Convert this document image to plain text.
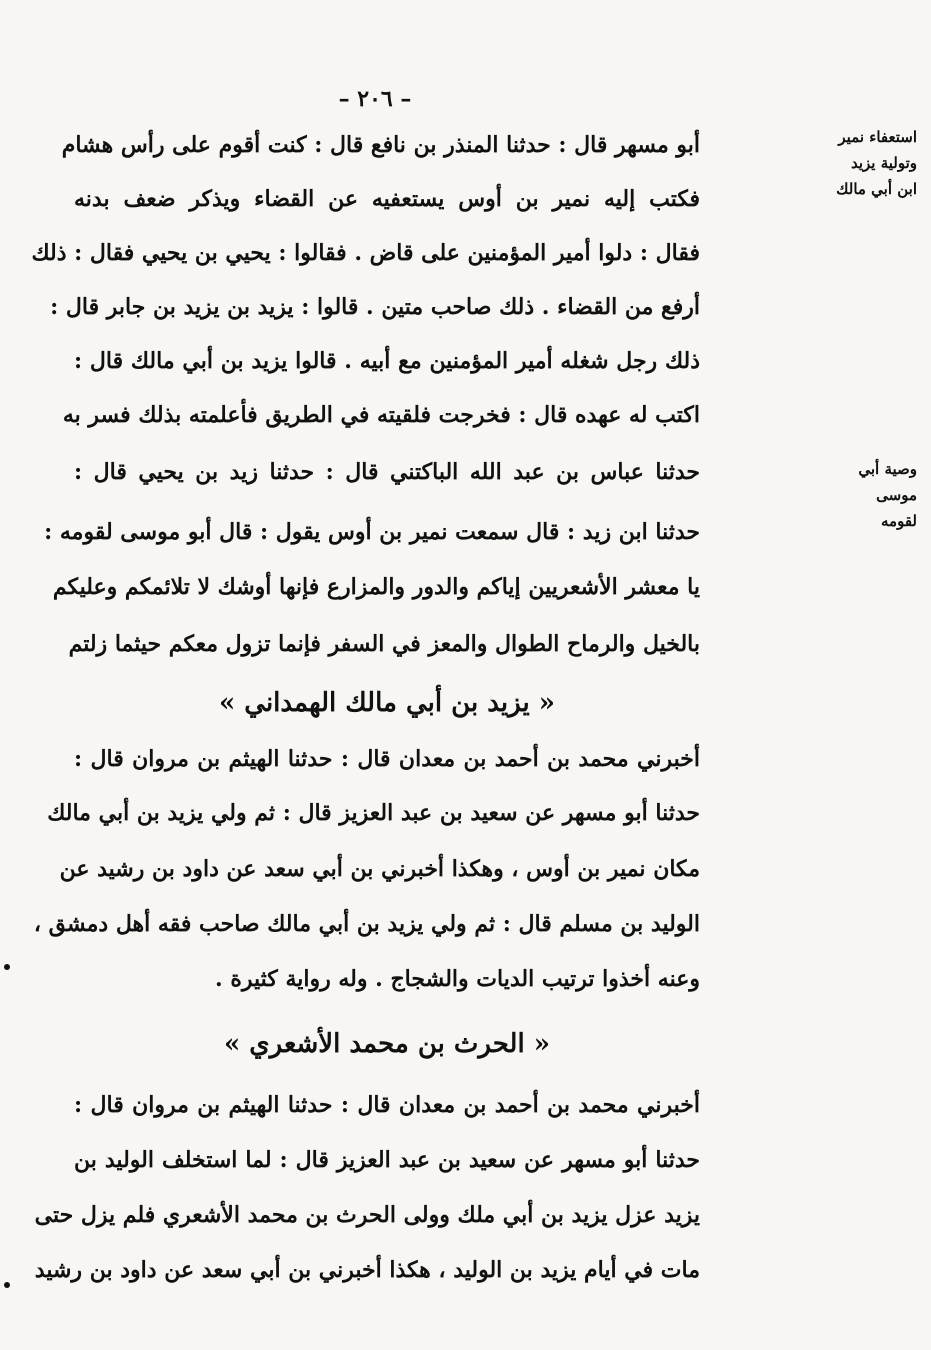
– ٢٠٦ –
استعفاء نمير
وتولية يزيد
ابن أبي مالك
وصية أبي موسى
لقومه
أبو مسهر قال : حدثنا المنذر بن نافع قال : كنت أقوم على رأس هشام
فكتب إليه نمير بن أوس يستعفيه عن القضاء ويذكر ضعف بدنه
فقال : دلوا أمير المؤمنين على قاض . فقالوا : يحيي بن يحيي فقال : ذلك
أرفع من القضاء . ذلك صاحب متين . قالوا : يزيد بن يزيد بن جابر قال :
ذلك رجل شغله أمير المؤمنين مع أبيه . قالوا يزيد بن أبي مالك قال :
اكتب له عهده قال : فخرجت فلقيته في الطريق فأعلمته بذلك فسر به
حدثنا عباس بن عبد الله الباكتني قال : حدثنا زيد بن يحيي قال :
حدثنا ابن زيد : قال سمعت نمير بن أوس يقول : قال أبو موسى لقومه :
يا معشر الأشعريين إياكم والدور والمزارع فإنها أوشك لا تلائمكم وعليكم
بالخيل والرماح الطوال والمعز في السفر فإنما تزول معكم حيثما زلتم
« يزيد بن أبي مالك الهمداني »
أخبرني محمد بن أحمد بن معدان قال : حدثنا الهيثم بن مروان قال :
حدثنا أبو مسهر عن سعيد بن عبد العزيز قال : ثم ولي يزيد بن أبي مالك
مكان نمير بن أوس ، وهكذا أخبرني بن أبي سعد عن داود بن رشيد عن
الوليد بن مسلم قال : ثم ولي يزيد بن أبي مالك صاحب فقه أهل دمشق ،
وعنه أخذوا ترتيب الديات والشجاج . وله رواية كثيرة .
« الحرث بن محمد الأشعري »
أخبرني محمد بن أحمد بن معدان قال : حدثنا الهيثم بن مروان قال :
حدثنا أبو مسهر عن سعيد بن عبد العزيز قال : لما استخلف الوليد بن
يزيد عزل يزيد بن أبي ملك وولى الحرث بن محمد الأشعري فلم يزل حتى
مات في أيام يزيد بن الوليد ، هكذا أخبرني بن أبي سعد عن داود بن رشيد
